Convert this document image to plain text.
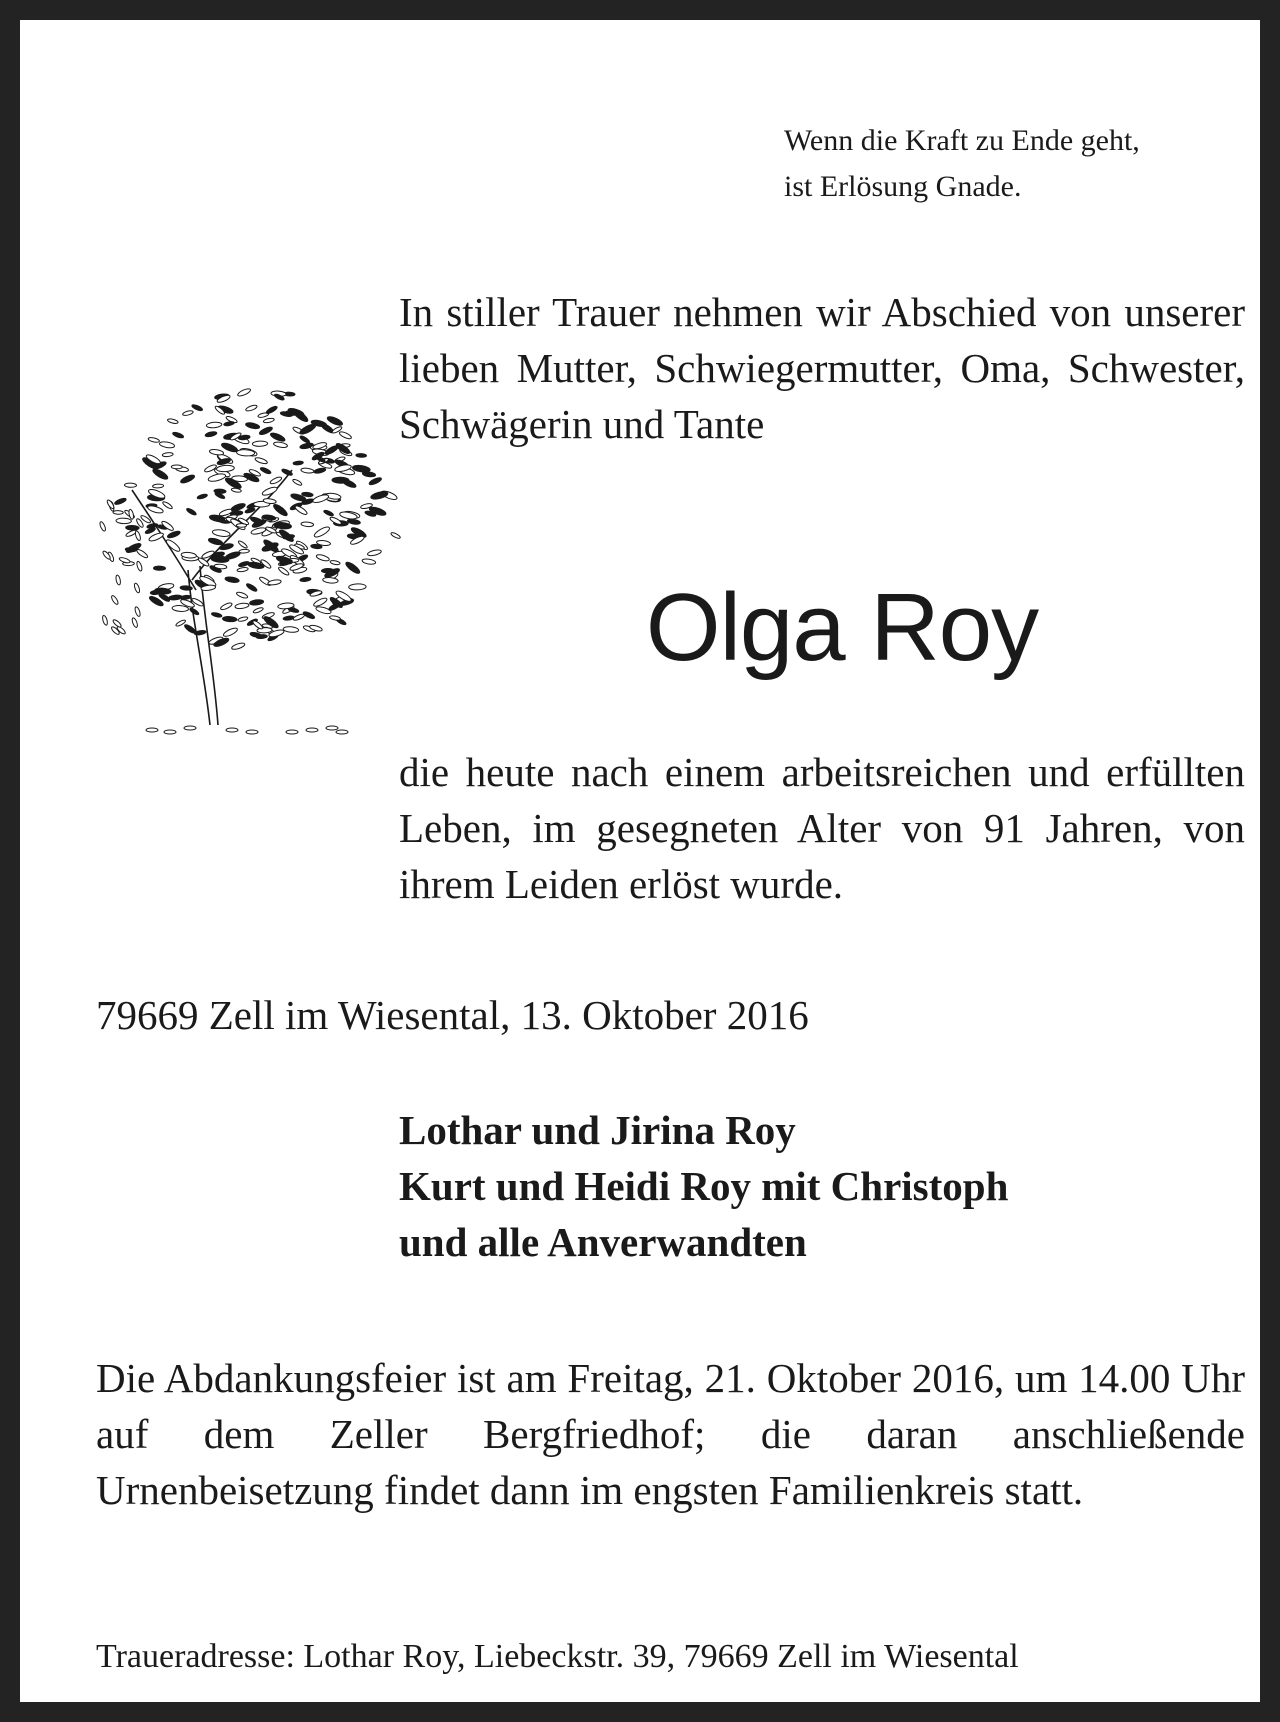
Wenn die Kraft zu Ende geht,
ist Erlösung Gnade.
In stiller Trauer nehmen wir Abschied von unserer lieben Mutter, Schwiegermutter, Oma, Schwester, Schwägerin und Tante
Olga Roy
die heute nach einem arbeitsreichen und erfüllten Leben, im gesegneten Alter von 91 Jahren, von ihrem Leiden erlöst wurde.
79669 Zell im Wiesental, 13. Oktober 2016
Lothar und Jirina Roy
Kurt und Heidi Roy mit Christoph
und alle Anverwandten
Die Abdankungsfeier ist am Freitag, 21. Oktober 2016, um 14.00 Uhr auf dem Zeller Bergfriedhof; die daran anschließende Urnenbeisetzung findet dann im engsten Familienkreis statt.
Traueradresse: Lothar Roy, Liebeckstr. 39, 79669 Zell im Wiesental
